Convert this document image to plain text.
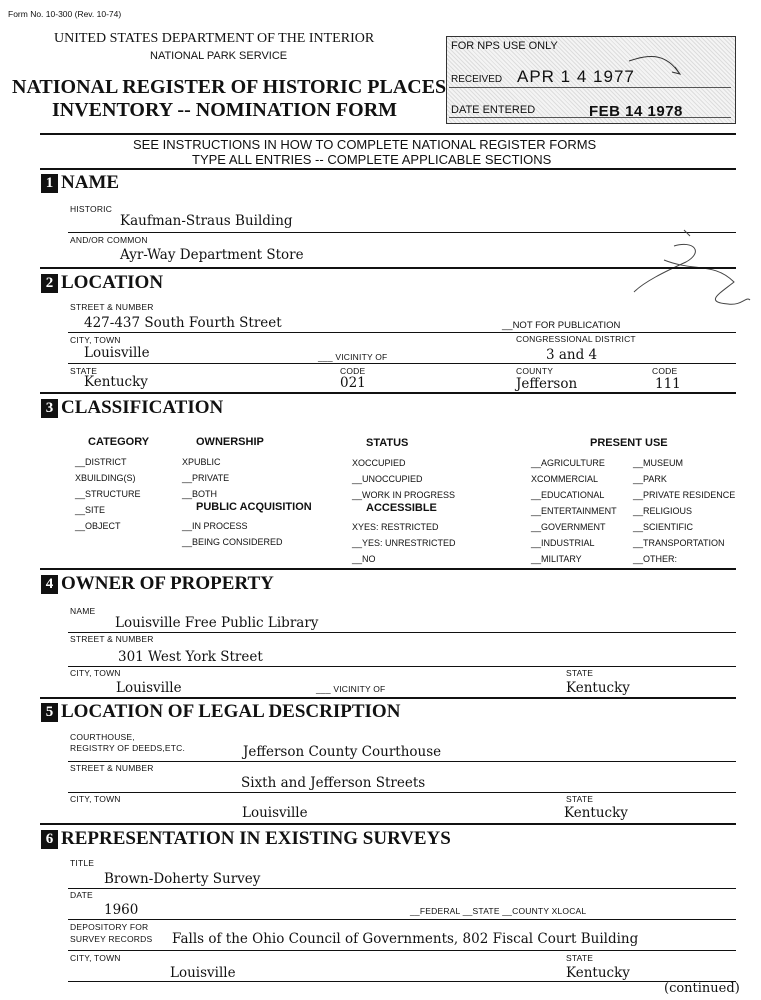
Form No. 10-300 (Rev. 10-74)
UNITED STATES DEPARTMENT OF THE INTERIOR
NATIONAL PARK SERVICE
NATIONAL REGISTER OF HISTORIC PLACES
INVENTORY -- NOMINATION FORM
FOR NPS USE ONLY
RECEIVED APR 1 4 1977
DATE ENTERED	FEB 14 1978
SEE INSTRUCTIONS IN HOW TO COMPLETE NATIONAL REGISTER FORMS
TYPE ALL ENTRIES -- COMPLETE APPLICABLE SECTIONS
1 NAME
HISTORIC
Kaufman-Straus Building
AND/OR COMMON
Ayr-Way Department Store
2 LOCATION
STREET & NUMBER
427-437 South Fourth Street	__NOT FOR PUBLICATION
CITY, TOWN	CONGRESSIONAL DISTRICT
Louisville	___ VICINITY OF	3 and 4
STATE	CODE	COUNTY	CODE
Kentucky	021	Jefferson	111
3 CLASSIFICATION
CATEGORY	OWNERSHIP	STATUS	PRESENT USE
__DISTRICT
XBUILDING(S)
__STRUCTURE
__SITE
__OBJECT
XPUBLIC
__PRIVATE
__BOTH
PUBLIC ACQUISITION
__IN PROCESS
__BEING CONSIDERED
XOCCUPIED
__UNOCCUPIED
__WORK IN PROGRESS
ACCESSIBLE
XYES: RESTRICTED
__YES: UNRESTRICTED
__NO
__AGRICULTURE
XCOMMERCIAL
__EDUCATIONAL
__ENTERTAINMENT
__GOVERNMENT
__INDUSTRIAL
__MILITARY
__MUSEUM
__PARK
__PRIVATE RESIDENCE
__RELIGIOUS
__SCIENTIFIC
__TRANSPORTATION
__OTHER:
4 OWNER OF PROPERTY
NAME
Louisville Free Public Library
STREET & NUMBER
301 West York Street
CITY, TOWN	STATE
Louisville	___ VICINITY OF	Kentucky
5 LOCATION OF LEGAL DESCRIPTION
COURTHOUSE,
REGISTRY OF DEEDS,ETC.	Jefferson County Courthouse
STREET & NUMBER
Sixth and Jefferson Streets
CITY, TOWN	STATE
Louisville	Kentucky
6 REPRESENTATION IN EXISTING SURVEYS
TITLE
Brown-Doherty Survey
DATE
1960	__FEDERAL __STATE __COUNTY XLOCAL
DEPOSITORY FOR
SURVEY RECORDS Falls of the Ohio Council of Governments, 802 Fiscal Court Building
CITY, TOWN	STATE
Louisville	Kentucky
(continued)
